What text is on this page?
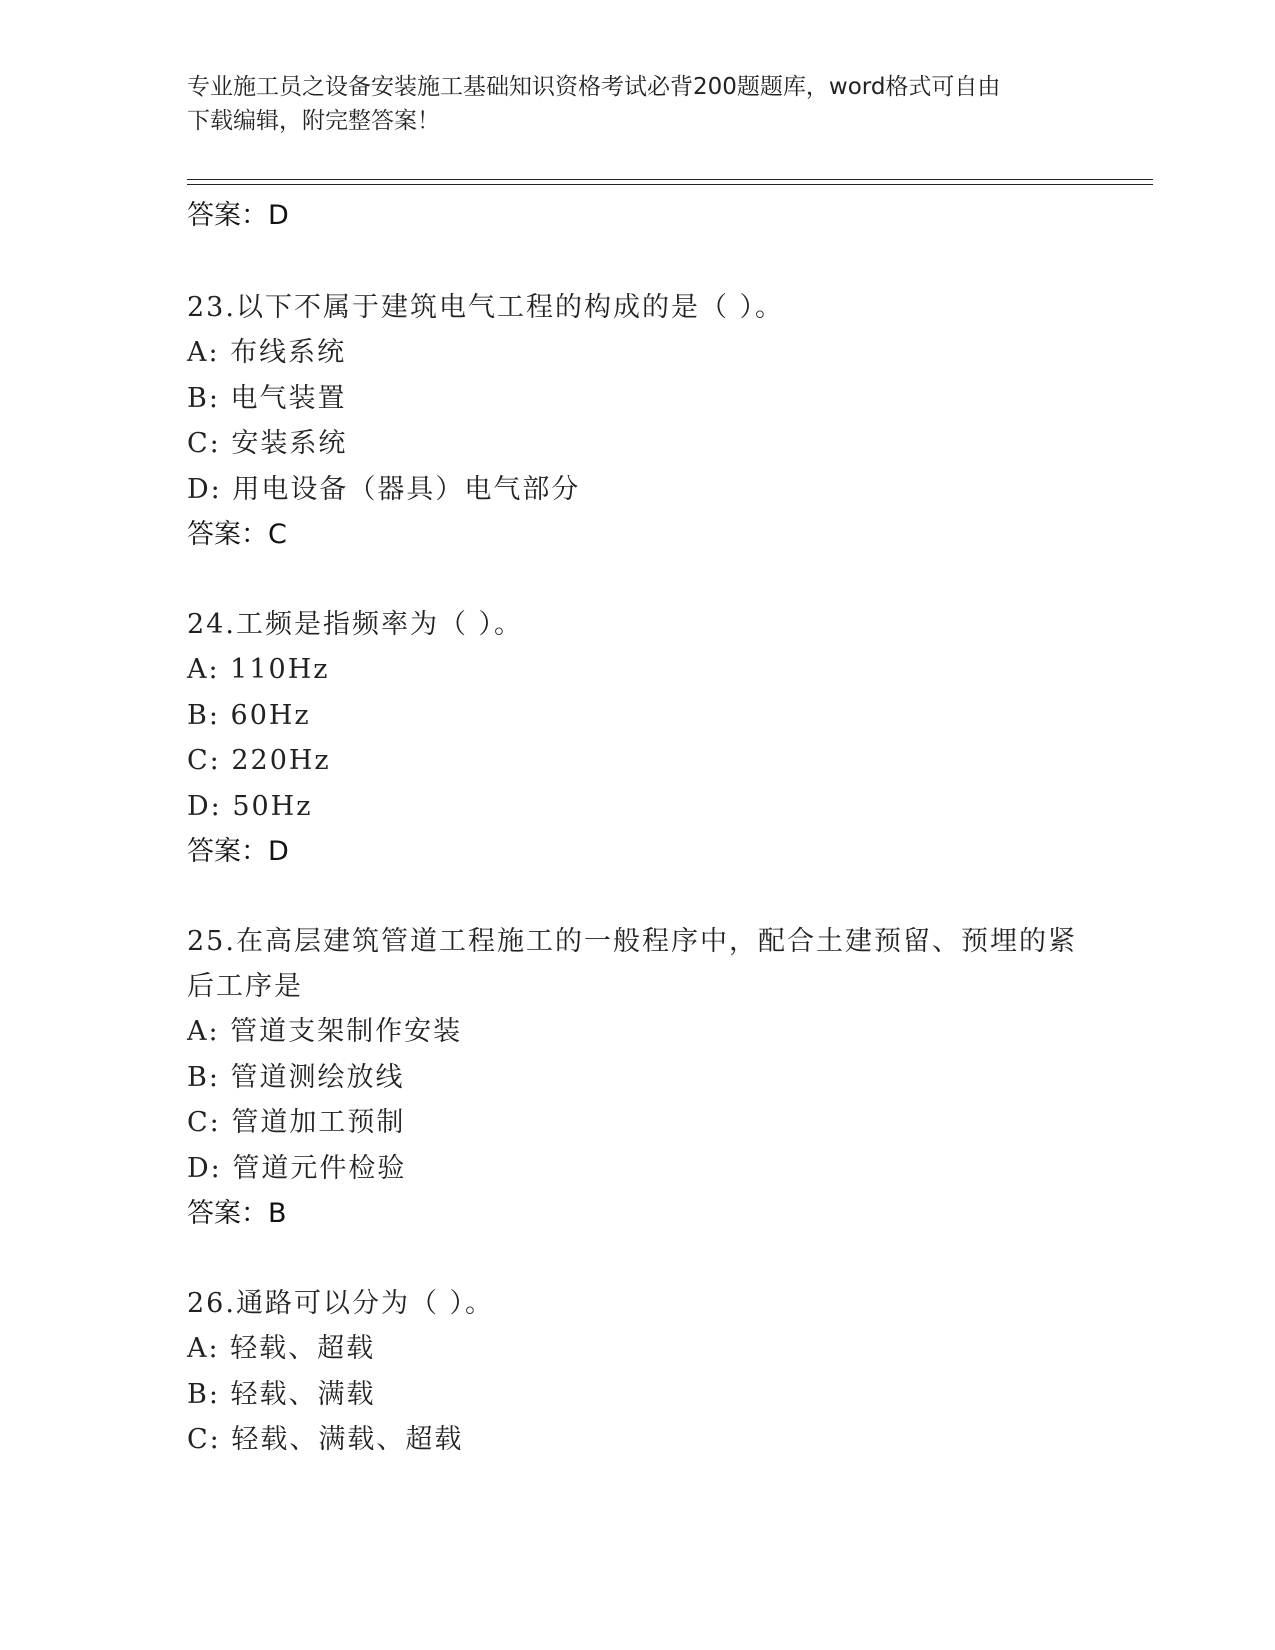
专业施工员之设备安装施工基础知识资格考试必背200题题库，word格式可自由
下载编辑，附完整答案！
答案：D
23.以下不属于建筑电气工程的构成的是（ ）。
A: 布线系统
B: 电气装置
C: 安装系统
D: 用电设备（器具）电气部分
答案：C
24.工频是指频率为（ ）。
A: 110Hz
B: 60Hz
C: 220Hz
D: 50Hz
答案：D
25.在高层建筑管道工程施工的一般程序中，配合土建预留、预埋的紧
后工序是
A: 管道支架制作安装
B: 管道测绘放线
C: 管道加工预制
D: 管道元件检验
答案：B
26.通路可以分为（ ）。
A: 轻载、超载
B: 轻载、满载
C: 轻载、满载、超载
